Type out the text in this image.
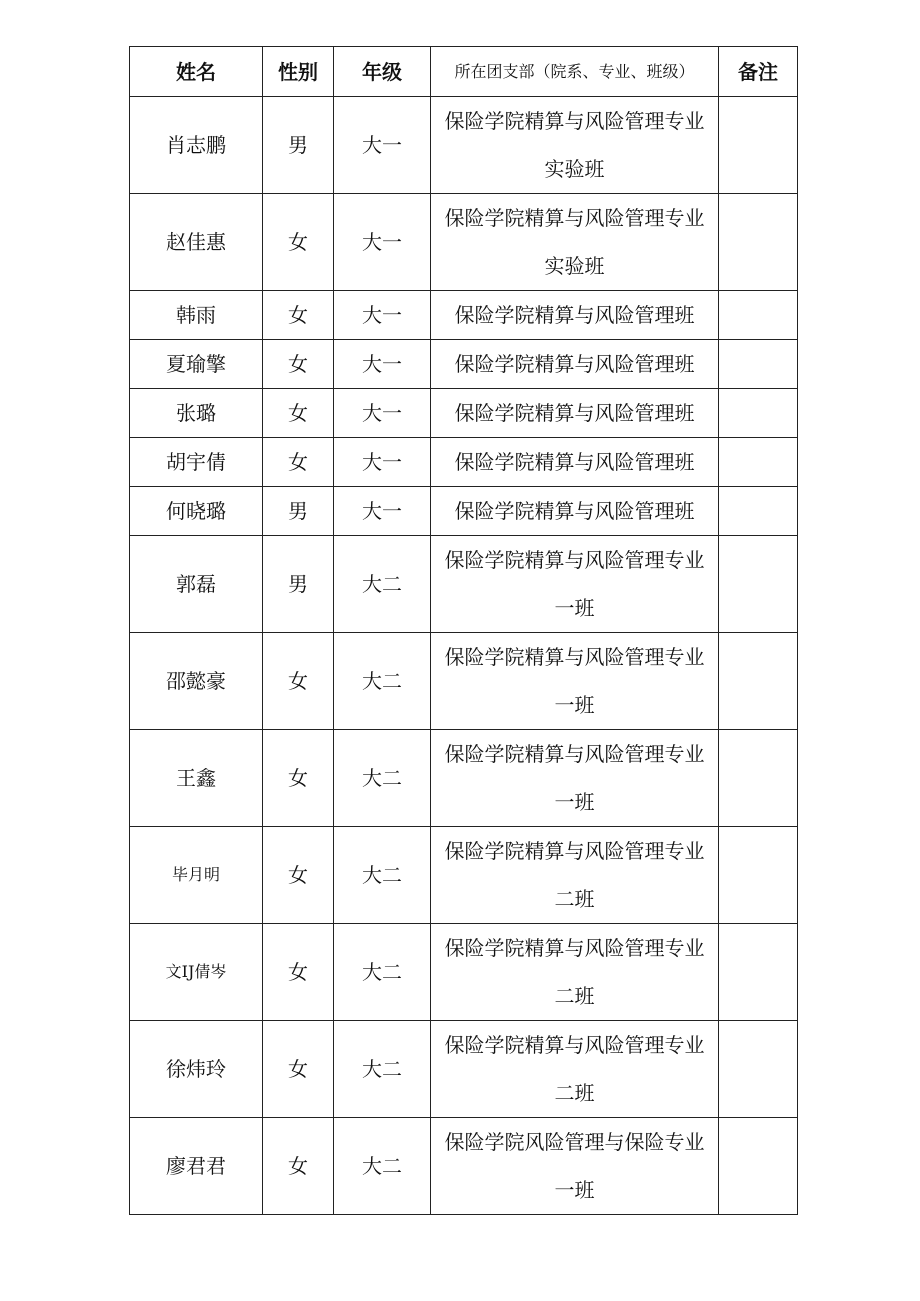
姓名	性别	年级	所在团支部（院系、专业、班级）	备注
肖志鹏	男	大一	保险学院精算与风险管理专业实验班	
赵佳惠	女	大一	保险学院精算与风险管理专业实验班	
韩雨	女	大一	保险学院精算与风险管理班	
夏瑜擎	女	大一	保险学院精算与风险管理班	
张璐	女	大一	保险学院精算与风险管理班	
胡宇倩	女	大一	保险学院精算与风险管理班	
何晓璐	男	大一	保险学院精算与风险管理班	
郭磊	男	大二	保险学院精算与风险管理专业一班	
邵懿豪	女	大二	保险学院精算与风险管理专业一班	
王鑫	女	大二	保险学院精算与风险管理专业一班	
毕月明	女	大二	保险学院精算与风险管理专业二班	
文IJ倩岑	女	大二	保险学院精算与风险管理专业二班	
徐炜玲	女	大二	保险学院精算与风险管理专业二班	
廖君君	女	大二	保险学院风险管理与保险专业一班	
